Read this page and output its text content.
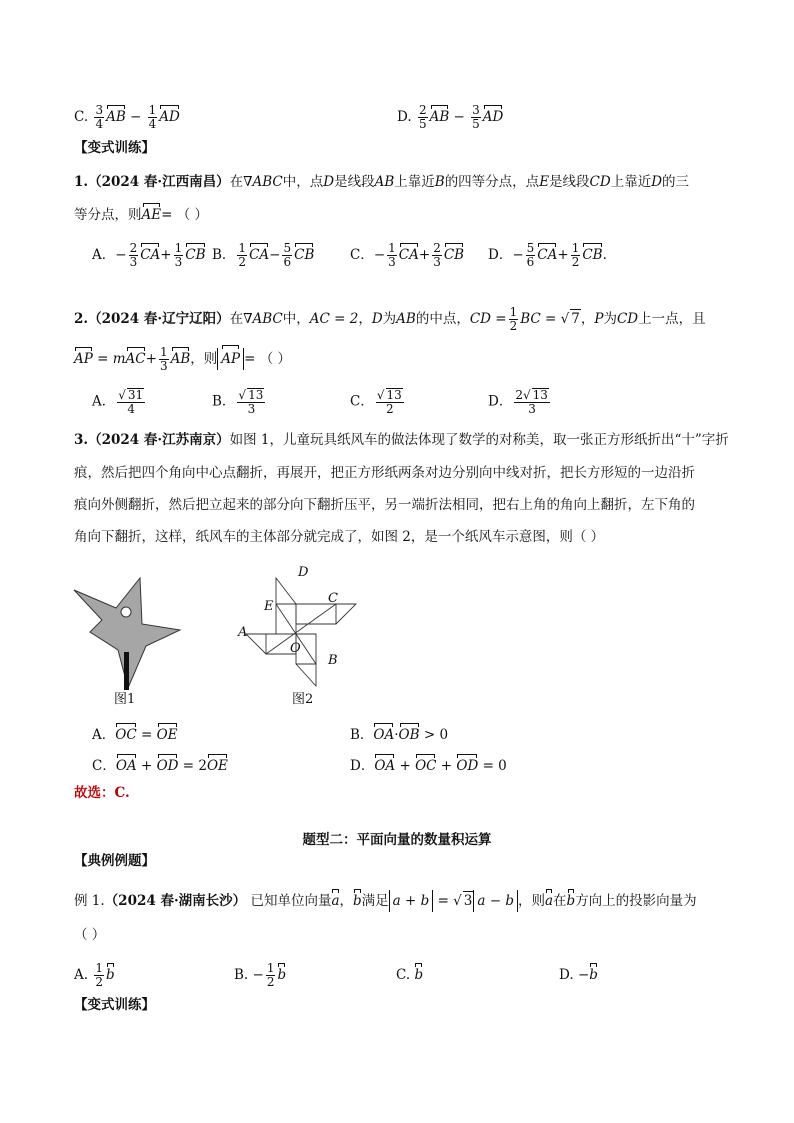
C. $\frac{3}{4}$ AB − $\frac{1}{4}$ AD	D. $\frac{2}{5}$ AB − $\frac{3}{5}$ AD
【变式训练】
1.（2024 春·江西南昌）在∇ABC中，点D是线段AB上靠近B的四等分点，点E是线段CD上靠近D的三
等分点，则AE= （ ）
A．− $\frac{2}{3} CA+ \frac{1}{3}$ CB B． $\frac{1}{2} CA- \frac{5}{6}$ CB	C．− $\frac{1}{3} CA+ \frac{2}{3}$ CB D．− $\frac{5}{6} CA+ \frac{1}{2}$ CB.
2.（2024 春·辽宁辽阳）在∇ABC中，AC = 2，D为AB的中点，CD = $\frac{1}{2}$ BC = √ 7，P为CD上一点，且
AP = $mAC+ \frac{1}{3}$ AB，则 AP = （ ）
A． $\frac{√ 31}{4}$	B． $\frac{√ 13}{3}$	C． $\frac{√ 13}{2}$	D． $\frac{2√ 13}{3}$
3.（2024 春·江苏南京）如图 1，儿童玩具纸风车的做法体现了数学的对称美，取一张正方形纸折出“十”字折
痕，然后把四个角向中心点翻折，再展开，把正方形纸两条对边分别向中线对折，把长方形短的一边沿折
痕向外侧翻折，然后把立起来的部分向下翻折压平，另一端折法相同，把右上角的角向上翻折，左下角的
角向下翻折，这样，纸风车的主体部分就完成了，如图 2，是一个纸风车示意图，则（ ）
图1
D
C
E
A
O
B
图2
A．OC = OE	B．OA·OB > 0
C．OA + OD = 2OE	D．OA + OC + OD = 0
故选：C.
题型二：平面向量的数量积运算
【典例例题】
例 1.（2024 春·湖南长沙） 已知单位向量a，b满足 a + b = √ 3 a − b ，则a在b方向上的投影向量为
（ ）
A. $\frac{1}{2}$ b	B. − $\frac{1}{2}$ b	C. b	D. −b
【变式训练】
